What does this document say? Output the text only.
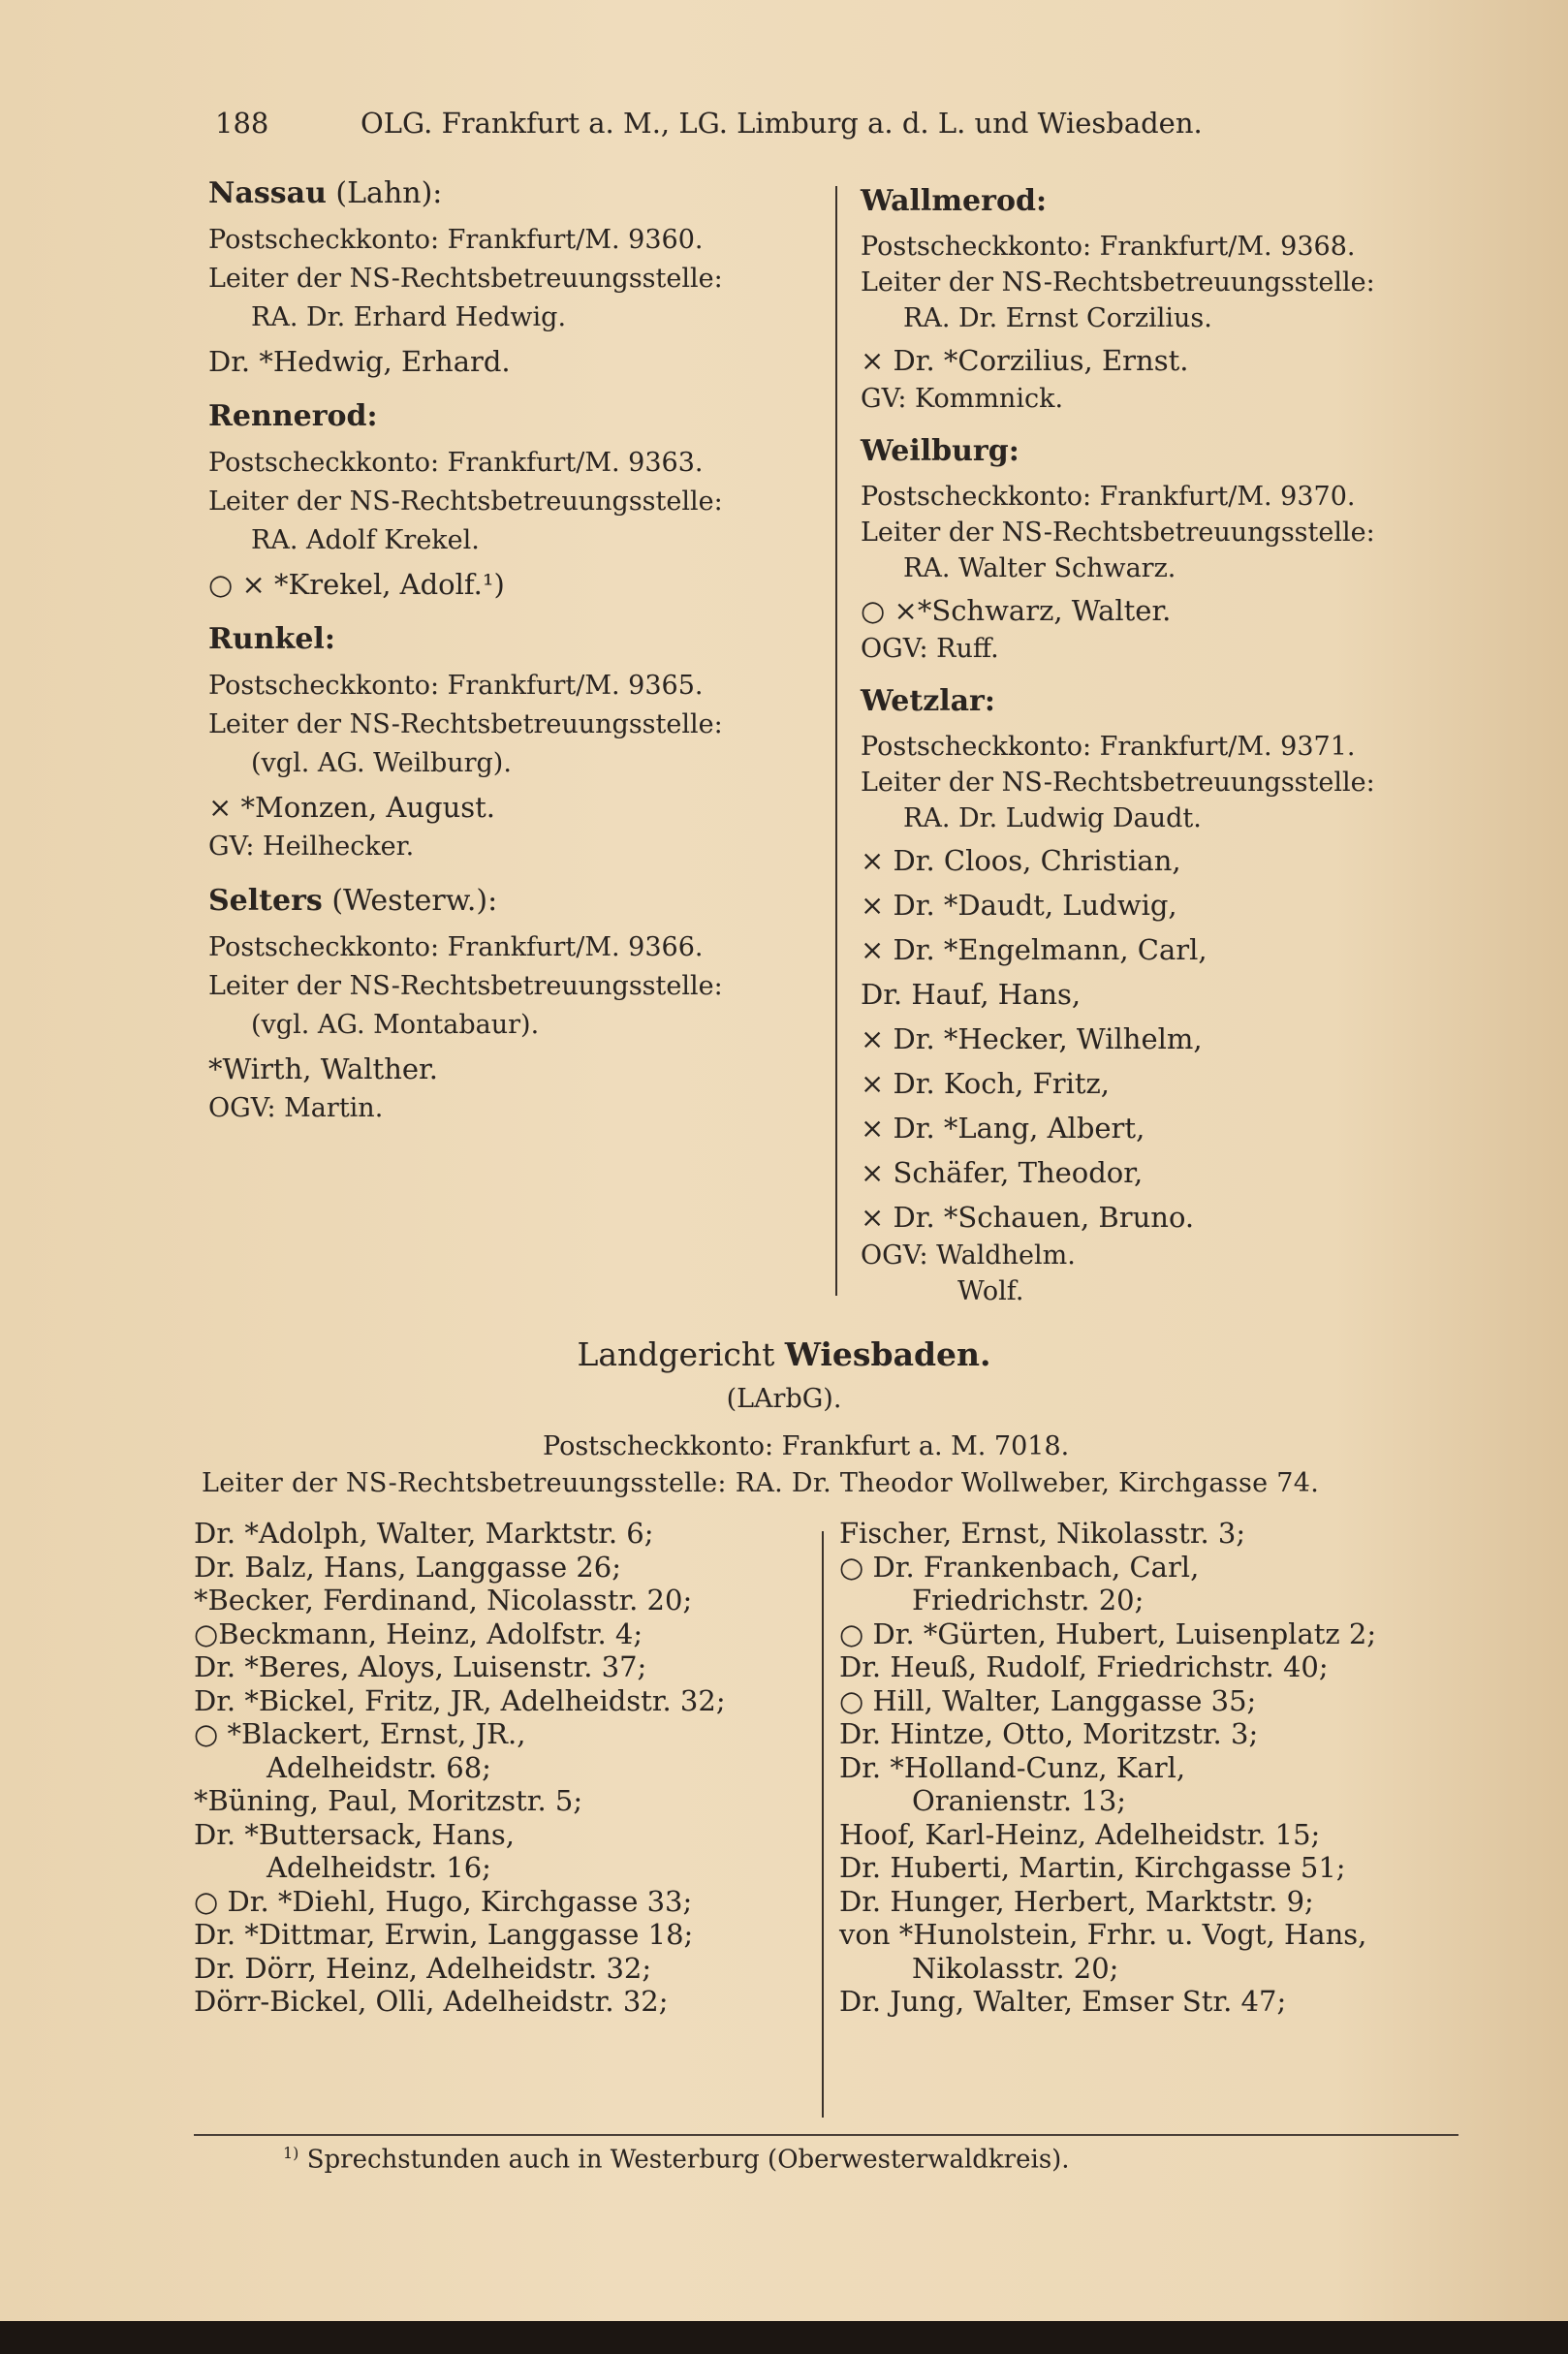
188	OLG. Frankfurt a. M., LG. Limburg a. d. L. und Wiesbaden.
Nassau (Lahn):
Postscheckkonto: Frankfurt/M. 9360.
Leiter der NS-Rechtsbetreuungsstelle:
RA. Dr. Erhard Hedwig.
Dr. *Hedwig, Erhard.
Rennerod:
Postscheckkonto: Frankfurt/M. 9363.
Leiter der NS-Rechtsbetreuungsstelle:
RA. Adolf Krekel.
○ × *Krekel, Adolf.¹)
Runkel:
Postscheckkonto: Frankfurt/M. 9365.
Leiter der NS-Rechtsbetreuungsstelle:
(vgl. AG. Weilburg).
× *Monzen, August.
GV: Heilhecker.
Selters (Westerw.):
Postscheckkonto: Frankfurt/M. 9366.
Leiter der NS-Rechtsbetreuungsstelle:
(vgl. AG. Montabaur).
*Wirth, Walther.
OGV: Martin.
Wallmerod:
Postscheckkonto: Frankfurt/M. 9368.
Leiter der NS-Rechtsbetreuungsstelle:
RA. Dr. Ernst Corzilius.
× Dr. *Corzilius, Ernst.
GV: Kommnick.
Weilburg:
Postscheckkonto: Frankfurt/M. 9370.
Leiter der NS-Rechtsbetreuungsstelle:
RA. Walter Schwarz.
○ ×*Schwarz, Walter.
OGV: Ruff.
Wetzlar:
Postscheckkonto: Frankfurt/M. 9371.
Leiter der NS-Rechtsbetreuungsstelle:
RA. Dr. Ludwig Daudt.
× Dr. Cloos, Christian,
× Dr. *Daudt, Ludwig,
× Dr. *Engelmann, Carl,
Dr. Hauf, Hans,
× Dr. *Hecker, Wilhelm,
× Dr. Koch, Fritz,
× Dr. *Lang, Albert,
× Schäfer, Theodor,
× Dr. *Schauen, Bruno.
OGV: Waldhelm.
Wolf.
Landgericht Wiesbaden.
(LArbG).
Postscheckkonto: Frankfurt a. M. 7018.
Leiter der NS-Rechtsbetreuungsstelle: RA. Dr. Theodor Wollweber, Kirchgasse 74.
Dr. *Adolph, Walter, Marktstr. 6;
Dr. Balz, Hans, Langgasse 26;
*Becker, Ferdinand, Nicolasstr. 20;
○Beckmann, Heinz, Adolfstr. 4;
Dr. *Beres, Aloys, Luisenstr. 37;
Dr. *Bickel, Fritz, JR, Adelheidstr. 32;
○ *Blackert, Ernst, JR.,
Adelheidstr. 68;
*Büning, Paul, Moritzstr. 5;
Dr. *Buttersack, Hans,
Adelheidstr. 16;
○ Dr. *Diehl, Hugo, Kirchgasse 33;
Dr. *Dittmar, Erwin, Langgasse 18;
Dr. Dörr, Heinz, Adelheidstr. 32;
Dörr-Bickel, Olli, Adelheidstr. 32;
Fischer, Ernst, Nikolasstr. 3;
○ Dr. Frankenbach, Carl,
Friedrichstr. 20;
○ Dr. *Gürten, Hubert, Luisenplatz 2;
Dr. Heuß, Rudolf, Friedrichstr. 40;
○ Hill, Walter, Langgasse 35;
Dr. Hintze, Otto, Moritzstr. 3;
Dr. *Holland-Cunz, Karl,
Oranienstr. 13;
Hoof, Karl-Heinz, Adelheidstr. 15;
Dr. Huberti, Martin, Kirchgasse 51;
Dr. Hunger, Herbert, Marktstr. 9;
von *Hunolstein, Frhr. u. Vogt, Hans,
Nikolasstr. 20;
Dr. Jung, Walter, Emser Str. 47;
$^{1)}$ Sprechstunden auch in Westerburg (Oberwesterwaldkreis).
